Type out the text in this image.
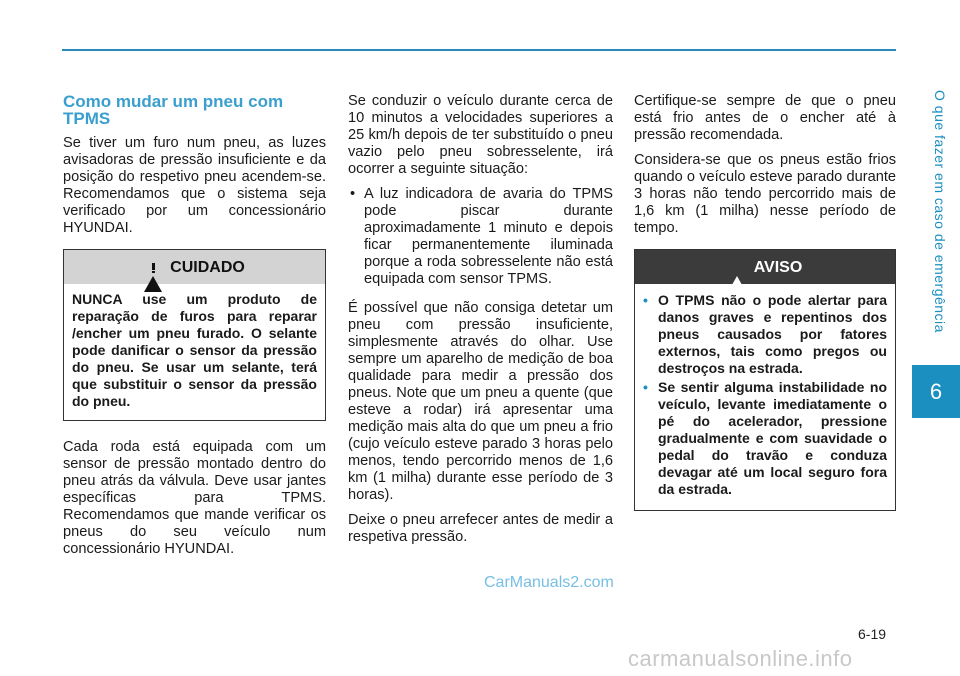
O que fazer em caso de emergência
6
Como mudar um pneu com TPMS

Se tiver um furo num pneu, as luzes avisadoras de pressão insuficiente e da posição do respetivo pneu acendem-se. Recomendamos que o sistema seja verificado por um concessionário HYUNDAI.

CUIDADO
NUNCA use um produto de reparação de furos para reparar /encher um pneu furado. O selante pode danificar o sensor da pressão do pneu. Se usar um selante, terá que substituir o sensor da pressão do pneu.

Cada roda está equipada com um sensor de pressão montado dentro do pneu atrás da válvula. Deve usar jantes específicas para TPMS. Recomendamos que mande verificar os pneus do seu veículo num concessionário HYUNDAI.

Se conduzir o veículo durante cerca de 10 minutos a velocidades superiores a 25 km/h depois de ter substituído o pneu vazio pelo pneu sobresselente, irá ocorrer a seguinte situação:

• A luz indicadora de avaria do TPMS pode piscar durante aproximadamente 1 minuto e depois ficar permanentemente iluminada porque a roda sobresselente não está equipada com sensor TPMS.

É possível que não consiga detetar um pneu com pressão insuficiente, simplesmente através do olhar. Use sempre um aparelho de medição de boa qualidade para medir a pressão dos pneus. Note que um pneu a quente (que esteve a rodar) irá apresentar uma medição mais alta do que um pneu a frio (cujo veículo esteve parado 3 horas pelo menos, tendo percorrido menos de 1,6 km (1 milha) durante esse período de 3 horas).

Deixe o pneu arrefecer antes de medir a respetiva pressão.

Certifique-se sempre de que o pneu está frio antes de o encher até à pressão recomendada.

Considera-se que os pneus estão frios quando o veículo esteve parado durante 3 horas não tendo percorrido mais de 1,6 km (1 milha) nesse período de tempo.

AVISO
• O TPMS não o pode alertar para danos graves e repentinos dos pneus causados por fatores externos, tais como pregos ou destroços na estrada.
• Se sentir alguma instabilidade no veículo, levante imediatamente o pé do acelerador, pressione gradualmente e com suavidade o pedal do travão e conduza devagar até um local seguro fora da estrada.
CarManuals2.com
6-19
carmanualsonline.info
